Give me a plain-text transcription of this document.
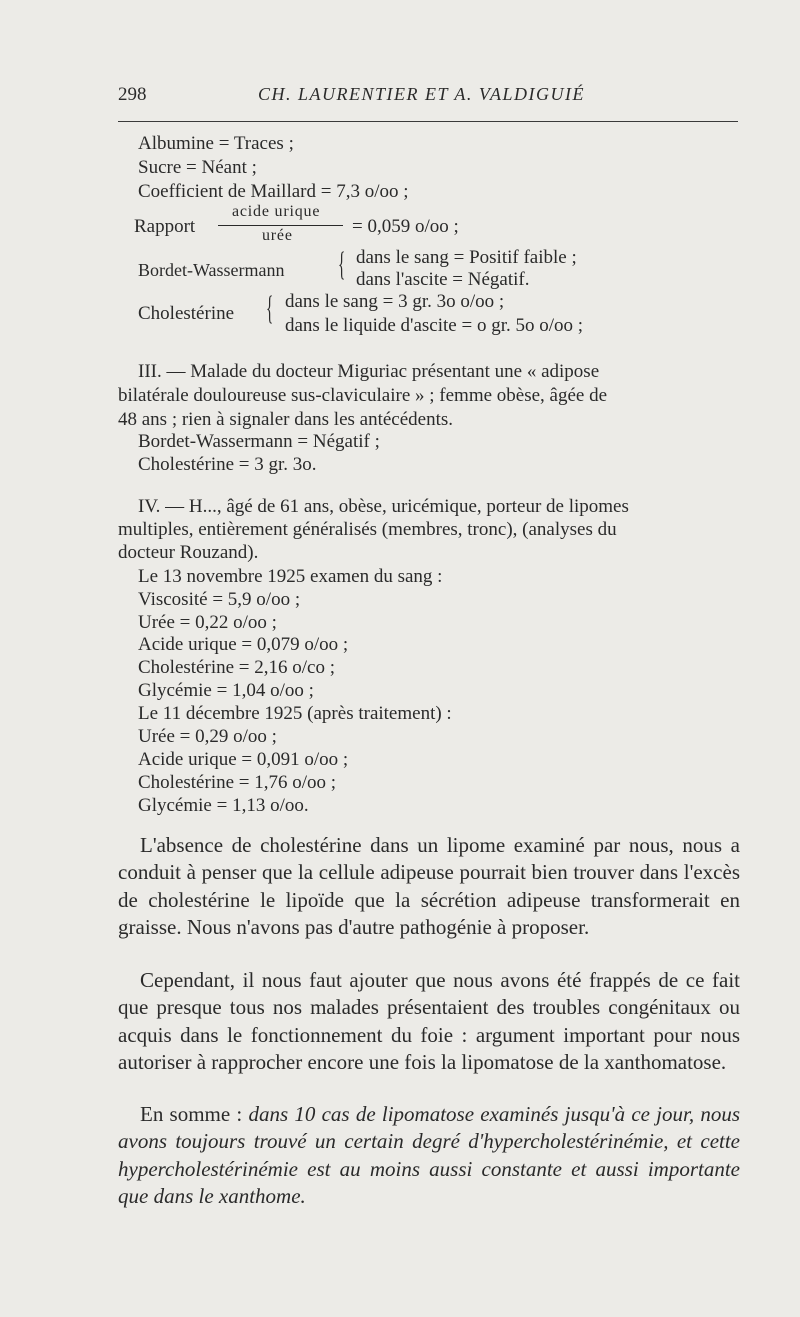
298	CH. LAURENTIER ET A. VALDIGUIÉ
Albumine = Traces ;
Sucre = Néant ;
Coefficient de Maillard = 7,3 o/oo ;
Rapport
acide urique
urée	= 0,059 o/oo ;
Bordet-Wassermann { dans le sang = Positif faible ;
dans l'ascite = Négatif.
Cholestérine { dans le sang = 3 gr. 3o o/oo ;
dans le liquide d'ascite = o gr. 5o o/oo ;
III. — Malade du docteur Miguriac présentant une « adipose
bilatérale douloureuse sus-claviculaire » ; femme obèse, âgée de
48 ans ; rien à signaler dans les antécédents.
Bordet-Wassermann = Négatif ;
Cholestérine = 3 gr. 3o.
IV. — H..., âgé de 61 ans, obèse, uricémique, porteur de lipomes
multiples, entièrement généralisés (membres, tronc), (analyses du
docteur Rouzand).
Le 13 novembre 1925 examen du sang :
Viscosité = 5,9 o/oo ;
Urée = 0,22 o/oo ;
Acide urique = 0,079 o/oo ;
Cholestérine = 2,16 o/co ;
Glycémie = 1,04 o/oo ;
Le 11 décembre 1925 (après traitement) :
Urée = 0,29 o/oo ;
Acide urique = 0,091 o/oo ;
Cholestérine = 1,76 o/oo ;
Glycémie = 1,13 o/oo.

L'absence de cholestérine dans un lipome examiné par nous, nous a conduit à penser que la cellule adipeuse pourrait bien trouver dans l'excès de cholestérine le lipoïde que la sécrétion adipeuse transformerait en graisse. Nous n'avons pas d'autre pathogénie à proposer.

Cependant, il nous faut ajouter que nous avons été frappés de ce fait que presque tous nos malades présentaient des troubles congénitaux ou acquis dans le fonctionnement du foie : argument important pour nous autoriser à rapprocher encore une fois la lipomatose de la xanthomatose.

En somme : dans 10 cas de lipomatose examinés jusqu'à ce jour, nous avons toujours trouvé un certain degré d'hypercholestérinémie, et cette hypercholestérinémie est au moins aussi constante et aussi importante que dans le xanthome.
